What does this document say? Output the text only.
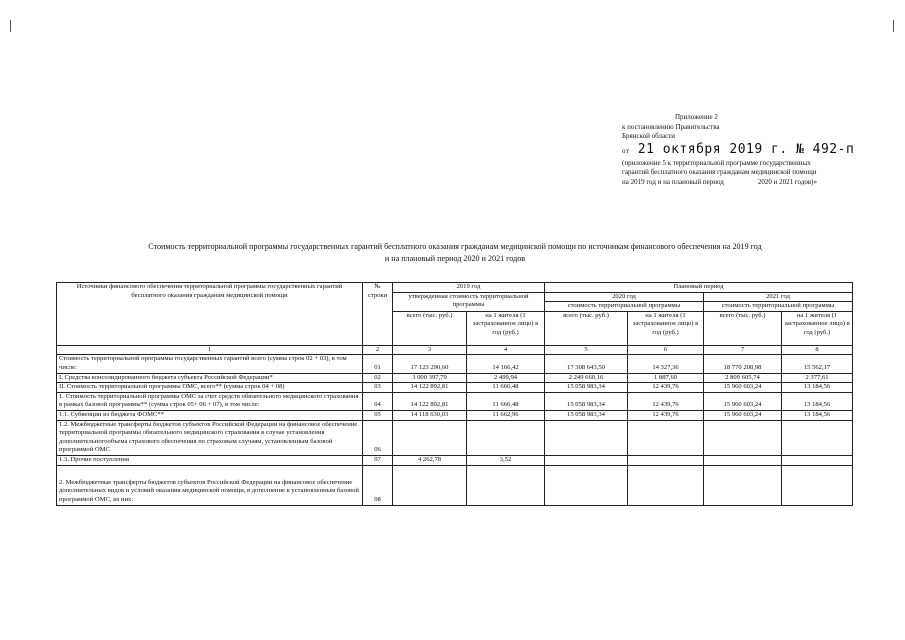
Приложение 2
к постановлению Правительства
Брянской области
от 21 октября 2019 г. № 492-п
(приложение 5 к территориальной программе государственных
гарантий бесплатного оказания гражданам медицинской помощи
на 2019 год и на плановый период	2020 и 2021 годов)»
Стоимость территориальной программы государственных гарантий бесплатного оказания гражданам медицинской помощи по источникам финансового обеспечения на 2019 год
и на плановый период 2020 и 2021 годов
Источники финансового обеспечения территориальной программы государственных гарантий бесплатного оказания гражданам медицинской помощи	№ строки	2019 год		Плановый период			
		утвержденная стоимость территориальной программы		2020 год		2021 год	
				стоимость территориальной программы		стоимость территориальной программы	
		всего (тыс. руб.)	на 1 жителя (1 застрахованное лицо) в год (руб.)	всего (тыс. руб.)	на 1 жителя (1 застрахованное лицо) в год (руб.)	всего (тыс. руб.)	на 1 жителя (1 застрахованное лицо) в год (руб.)
1	2	3	4	5	6	7	8
Стоимость территориальной программы государственных гарантий всего (сумма строк 02 + 03), в том числе:	01	17 123 290,60	14 166,42	17 308 643,50	14 327,36	18 770 208,98	15 562,17
I. Средства консолидированного бюджета субъекта Российской Федерации*	02	3 000 397,79	2 499,94	2 249 660,16	1 887,60	2 809 605,74	2 377,61
II. Стоимость территориальной программы ОМС, всего** (сумма строк 04 + 08)	03	14 122 892,81	11 666,48	15 058 983,34	12 439,76	15 960 603,24	13 184,56
1. Стоимость территориальной программы ОМС за счет средств обязательного медицинского страхования в рамках базовой программы** (сумма строк 05+ 06 + 07), в том числе:	04	14 122 892,81	11 666,48	15 058 983,34	12 439,76	15 960 603,24	13 184,56
1.1. Субвенции из бюджета ФОМС**	05	14 118 630,03	11 662,96	15 058 983,34	12 439,76	15 960 603,24	13 184,56
1.2. Межбюджетные трансферты бюджетов субъектов Российской Федерации на финансовое обеспечение территориальной программы обязательного медицинского страхования в случае установления дополнительногообъема страхового обеспечения по страховым случаям, установленным базовой программой ОМС	06						
1.3. Прочие поступления	07	4 262,78	3,52				
2. Межбюджетные трансферты бюджетов субъектов Российской Федерации на финансовое обеспечение дополнительных видов и условий оказания медицинской помощи, в дополнение к установленным базовой программой ОМС, из них:	08						
